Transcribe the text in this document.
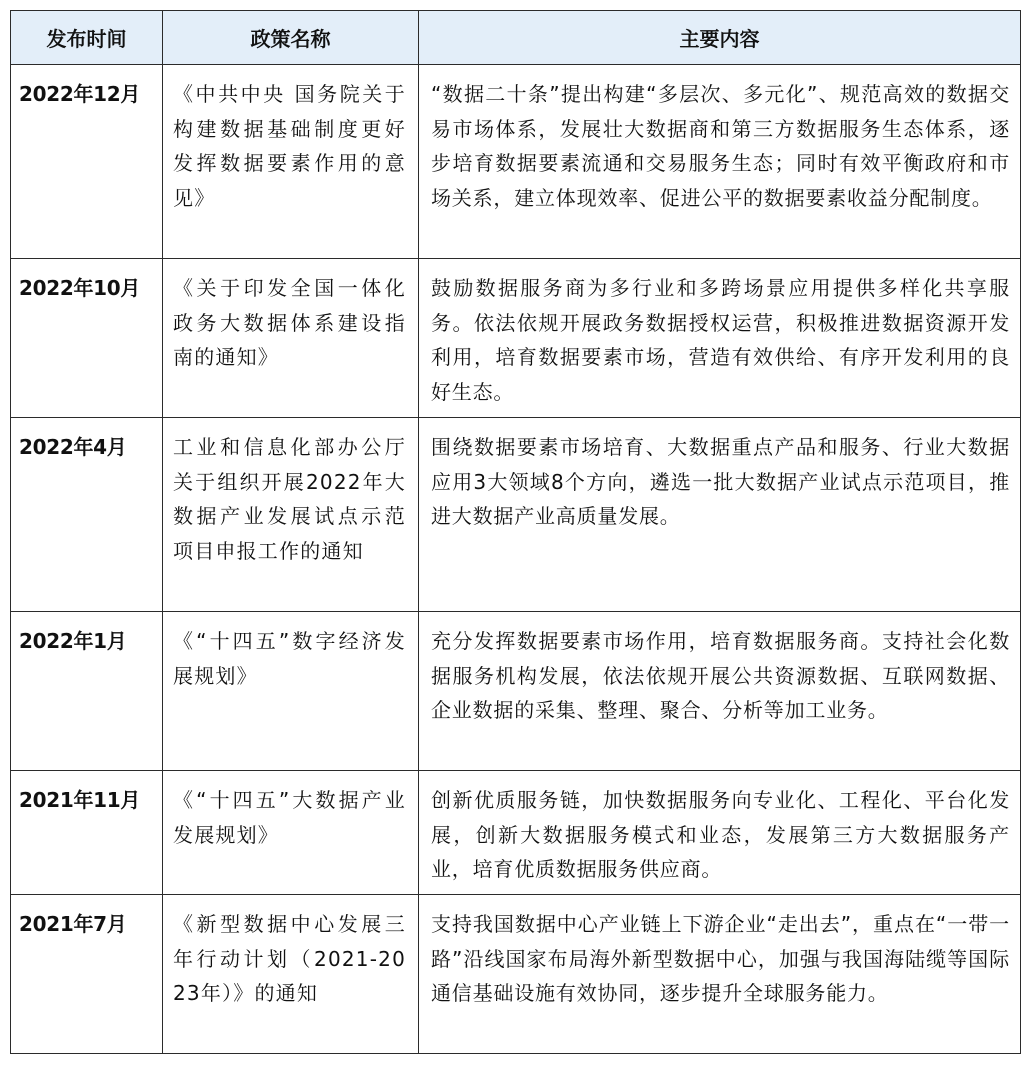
发布时间	政策名称	主要内容
2022年12月	《中共中央 国务院关于构建数据基础制度更好发挥数据要素作用的意见》	“数据二十条”提出构建“多层次、多元化”、规范高效的数据交易市场体系，发展壮大数据商和第三方数据服务生态体系，逐步培育数据要素流通和交易服务生态；同时有效平衡政府和市场关系，建立体现效率、促进公平的数据要素收益分配制度。
2022年10月	《关于印发全国一体化政务大数据体系建设指南的通知》	鼓励数据服务商为多行业和多跨场景应用提供多样化共享服务。依法依规开展政务数据授权运营，积极推进数据资源开发利用，培育数据要素市场，营造有效供给、有序开发利用的良好生态。
2022年4月	工业和信息化部办公厅关于组织开展2022年大数据产业发展试点示范项目申报工作的通知	围绕数据要素市场培育、大数据重点产品和服务、行业大数据应用3大领域8个方向，遴选一批大数据产业试点示范项目，推进大数据产业高质量发展。
2022年1月	《“十四五”数字经济发展规划》	充分发挥数据要素市场作用，培育数据服务商。支持社会化数据服务机构发展，依法依规开展公共资源数据、互联网数据、企业数据的采集、整理、聚合、分析等加工业务。
2021年11月	《“十四五”大数据产业发展规划》	创新优质服务链，加快数据服务向专业化、工程化、平台化发展，创新大数据服务模式和业态，发展第三方大数据服务产业，培育优质数据服务供应商。
2021年7月	《新型数据中心发展三年行动计划（2021-2023年）》的通知	支持我国数据中心产业链上下游企业“走出去”，重点在“一带一路”沿线国家布局海外新型数据中心，加强与我国海陆缆等国际通信基础设施有效协同，逐步提升全球服务能力。
